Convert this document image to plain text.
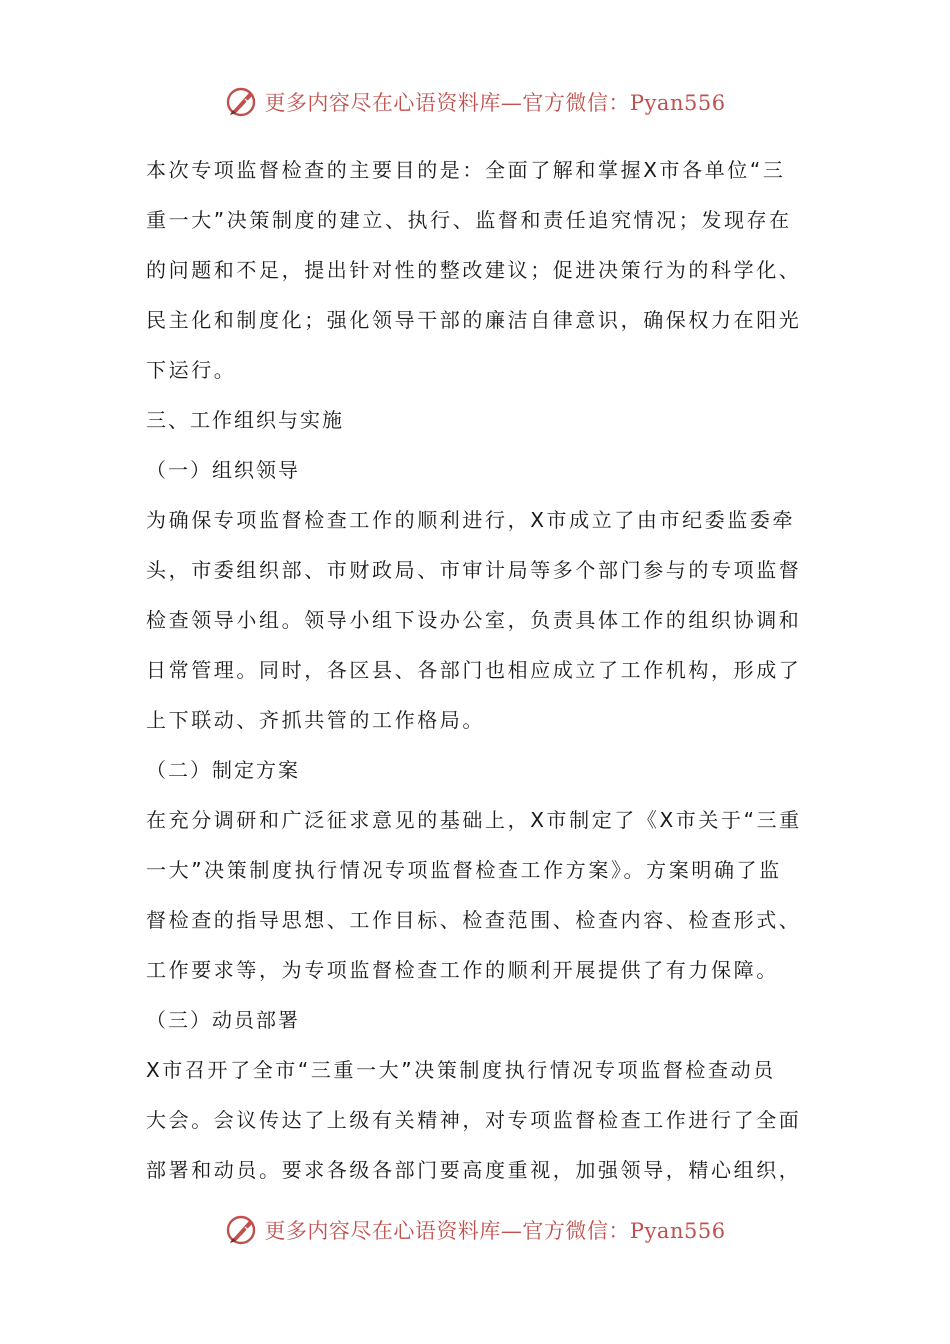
更多内容尽在心语资料库—官方微信：Pyan556
本次专项监督检查的主要目的是：全面了解和掌握X市各单位“三
重一大”决策制度的建立、执行、监督和责任追究情况；发现存在
的问题和不足，提出针对性的整改建议；促进决策行为的科学化、
民主化和制度化；强化领导干部的廉洁自律意识，确保权力在阳光
下运行。
三、工作组织与实施
（一）组织领导
为确保专项监督检查工作的顺利进行，X市成立了由市纪委监委牵
头，市委组织部、市财政局、市审计局等多个部门参与的专项监督
检查领导小组。领导小组下设办公室，负责具体工作的组织协调和
日常管理。同时，各区县、各部门也相应成立了工作机构，形成了
上下联动、齐抓共管的工作格局。
（二）制定方案
在充分调研和广泛征求意见的基础上，X市制定了《X市关于“三重
一大”决策制度执行情况专项监督检查工作方案》。方案明确了监
督检查的指导思想、工作目标、检查范围、检查内容、检查形式、
工作要求等，为专项监督检查工作的顺利开展提供了有力保障。
（三）动员部署
X市召开了全市“三重一大”决策制度执行情况专项监督检查动员
大会。会议传达了上级有关精神，对专项监督检查工作进行了全面
部署和动员。要求各级各部门要高度重视，加强领导，精心组织，
更多内容尽在心语资料库—官方微信：Pyan556
